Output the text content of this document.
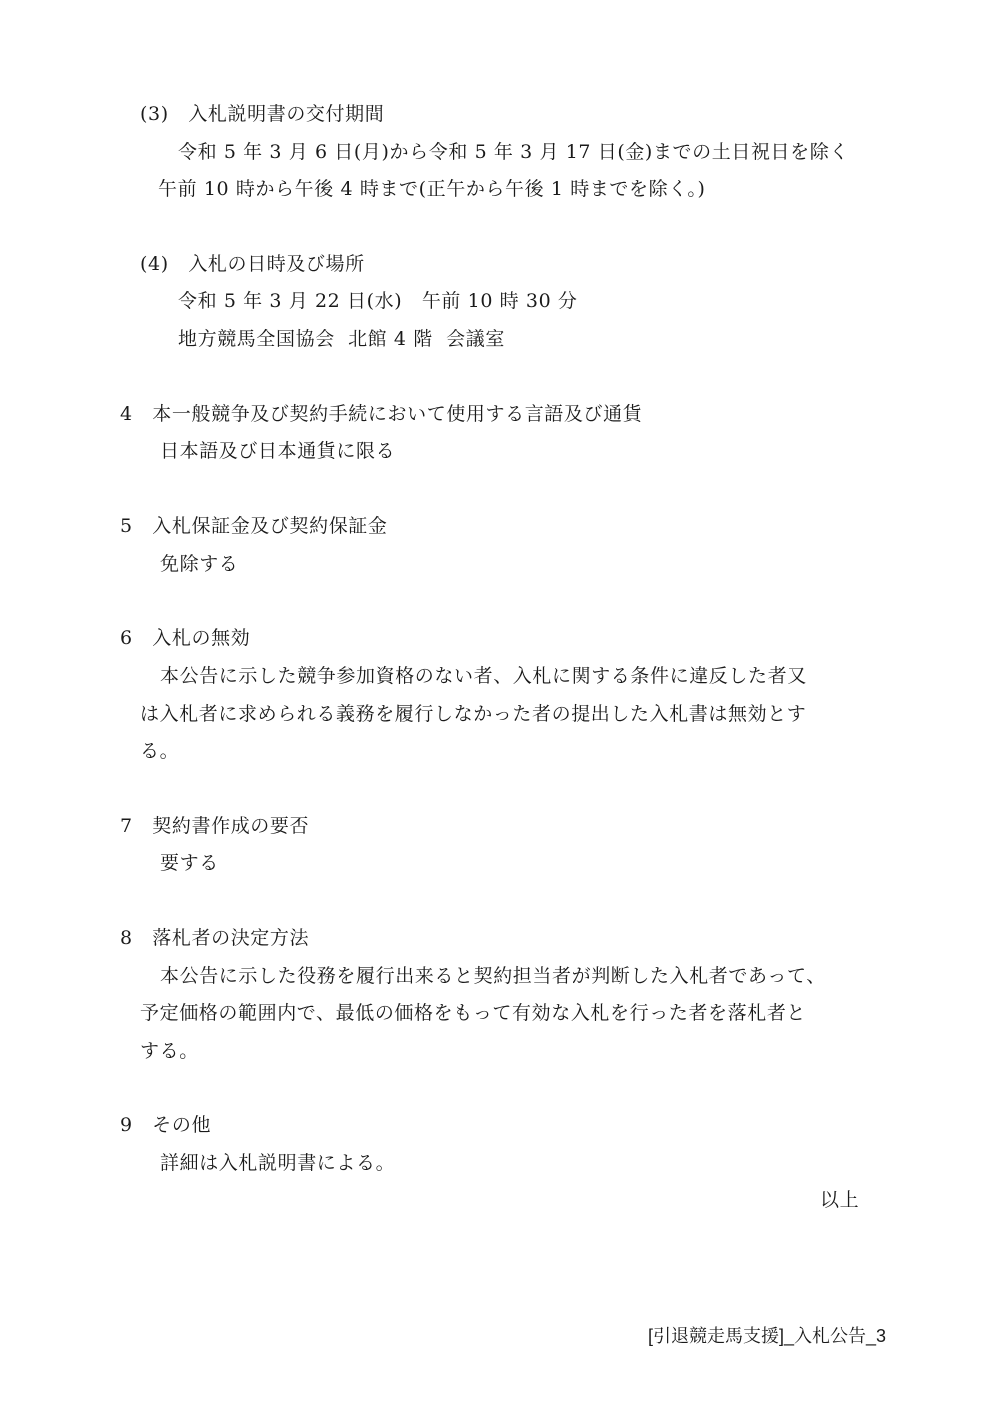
(3)　入札説明書の交付期間
令和 5 年 3 月 6 日(月)から令和 5 年 3 月 17 日(金)までの土日祝日を除く
午前 10 時から午後 4 時まで(正午から午後 1 時までを除く。)
(4)　入札の日時及び場所
令和 5 年 3 月 22 日(水)　午前 10 時 30 分
地方競馬全国協会  北館 4 階  会議室
4　本一般競争及び契約手続において使用する言語及び通貨
日本語及び日本通貨に限る
5　入札保証金及び契約保証金
免除する
6　入札の無効
本公告に示した競争参加資格のない者、入札に関する条件に違反した者又
は入札者に求められる義務を履行しなかった者の提出した入札書は無効とす
る。
7　契約書作成の要否
要する
8　落札者の決定方法
本公告に示した役務を履行出来ると契約担当者が判断した入札者であって、
予定価格の範囲内で、最低の価格をもって有効な入札を行った者を落札者と
する。
9　その他
詳細は入札説明書による。
以上
[引退競走馬支援]_入札公告_3
